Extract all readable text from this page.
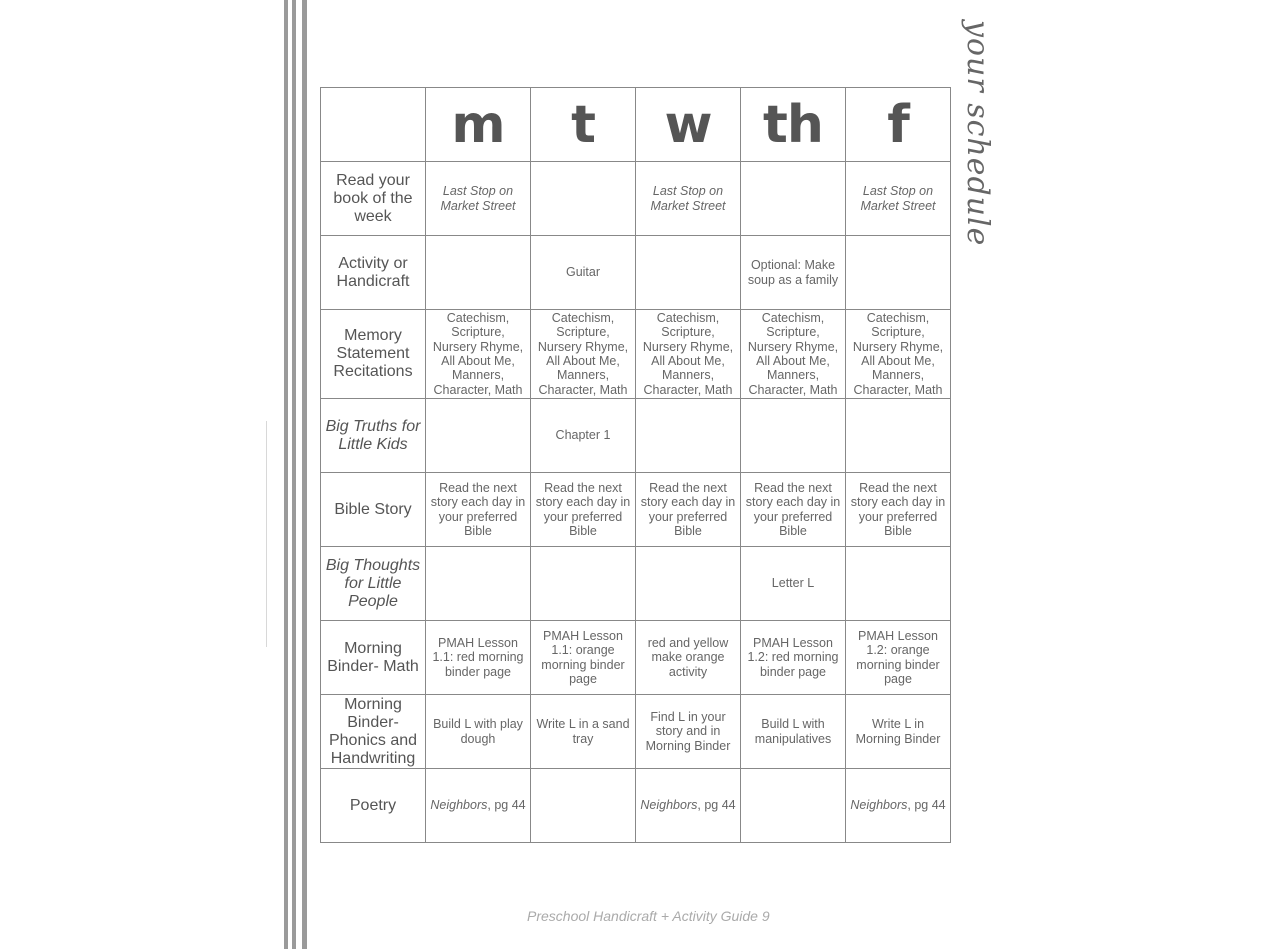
	m	t	w	th	f
Read your book of the week	Last Stop on Market Street		Last Stop on Market Street		Last Stop on Market Street
Activity or Handicraft		Guitar		Optional: Make soup as a family	
Memory Statement Recitations	Catechism, Scripture, Nursery Rhyme, All About Me, Manners, Character, Math	Catechism, Scripture, Nursery Rhyme, All About Me, Manners, Character, Math	Catechism, Scripture, Nursery Rhyme, All About Me, Manners, Character, Math	Catechism, Scripture, Nursery Rhyme, All About Me, Manners, Character, Math	Catechism, Scripture, Nursery Rhyme, All About Me, Manners, Character, Math
Big Truths for Little Kids		Chapter 1			
Bible Story	Read the next story each day in your preferred Bible	Read the next story each day in your preferred Bible	Read the next story each day in your preferred Bible	Read the next story each day in your preferred Bible	Read the next story each day in your preferred Bible
Big Thoughts for Little People				Letter L	
Morning Binder- Math	PMAH Lesson 1.1: red morning binder page	PMAH Lesson 1.1: orange morning binder page	red and yellow make orange activity	PMAH Lesson 1.2: red morning binder page	PMAH Lesson 1.2: orange morning binder page
Morning Binder- Phonics and Handwriting	Build L with play dough	Write L in a sand tray	Find L in your story and in Morning Binder	Build L with manipulatives	Write L in Morning Binder
Poetry	Neighbors, pg 44		Neighbors, pg 44		Neighbors, pg 44
your schedule
Preschool Handicraft + Activity Guide 9
